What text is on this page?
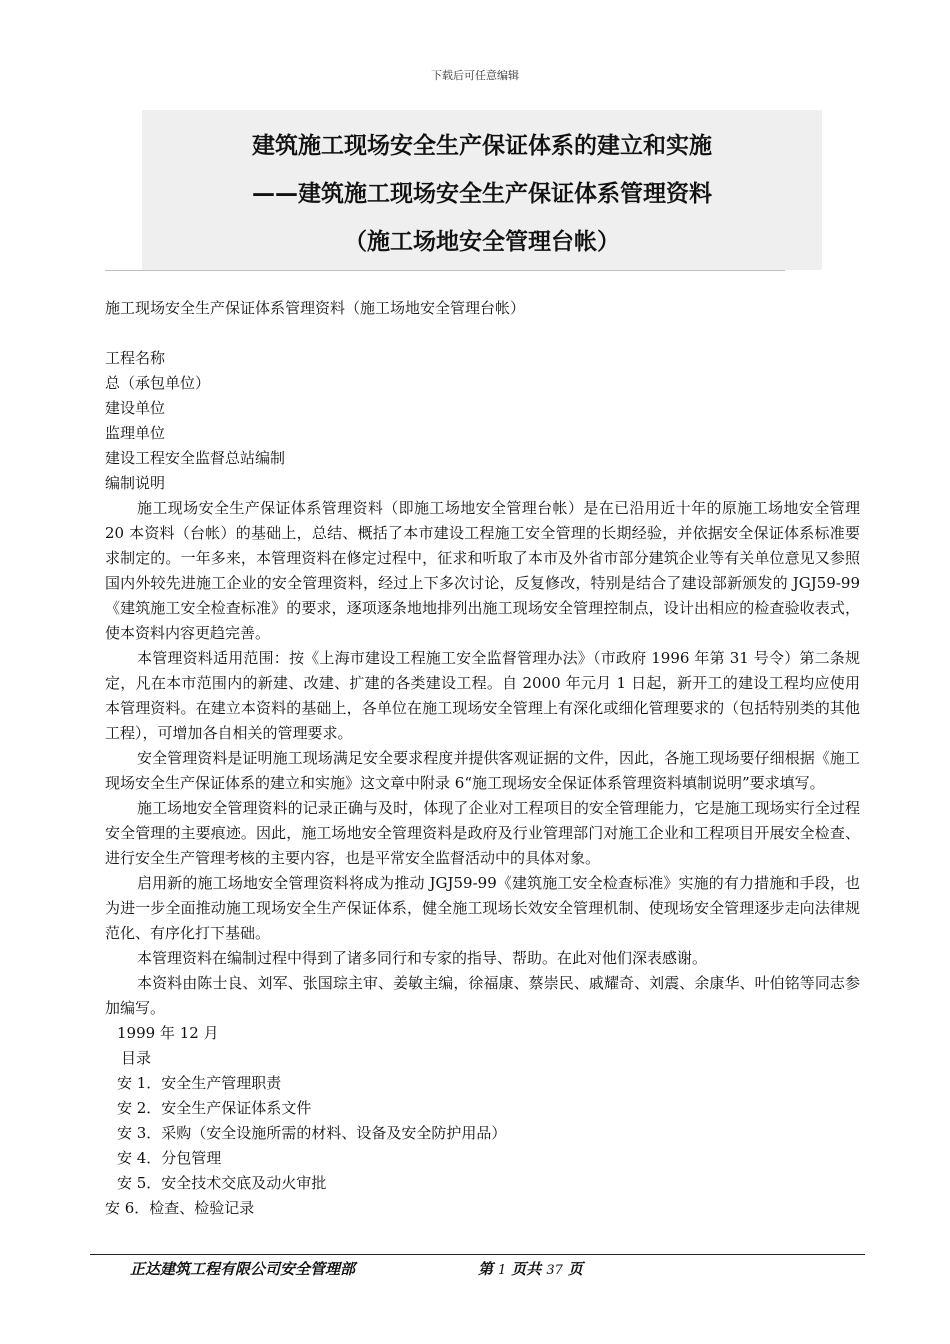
下载后可任意编辑
建筑施工现场安全生产保证体系的建立和实施
——建筑施工现场安全生产保证体系管理资料
（施工场地安全管理台帐）

施工现场安全生产保证体系管理资料（施工场地安全管理台帐）

工程名称

总（承包单位）

建设单位

监理单位

建设工程安全监督总站编制

编制说明

施工现场安全生产保证体系管理资料（即施工场地安全管理台帐）是在已沿用近十年的原施工场地安全管理 20 本资料（台帐）的基础上，总结、概括了本市建设工程施工安全管理的长期经验，并依据安全保证体系标准要求制定的。一年多来，本管理资料在修定过程中，征求和听取了本市及外省市部分建筑企业等有关单位意见又参照国内外较先进施工企业的安全管理资料，经过上下多次讨论，反复修改，特别是结合了建设部新颁发的 JGJ59-99《建筑施工安全检查标准》的要求，逐项逐条地地排列出施工现场安全管理控制点，设计出相应的检查验收表式，使本资料内容更趋完善。

本管理资料适用范围：按《上海市建设工程施工安全监督管理办法》（市政府 1996 年第 31 号令）第二条规定，凡在本市范围内的新建、改建、扩建的各类建设工程。自 2000 年元月 1 日起，新开工的建设工程均应使用本管理资料。在建立本资料的基础上，各单位在施工现场安全管理上有深化或细化管理要求的（包括特别类的其他工程），可增加各自相关的管理要求。

安全管理资料是证明施工现场满足安全要求程度并提供客观证据的文件，因此，各施工现场要仔细根据《施工现场安全生产保证体系的建立和实施》这文章中附录 6“施工现场安全保证体系管理资料填制说明”要求填写。

施工场地安全管理资料的记录正确与及时，体现了企业对工程项目的安全管理能力，它是施工现场实行全过程安全管理的主要痕迹。因此，施工场地安全管理资料是政府及行业管理部门对施工企业和工程项目开展安全检查、进行安全生产管理考核的主要内容，也是平常安全监督活动中的具体对象。

启用新的施工场地安全管理资料将成为推动 JGJ59-99《建筑施工安全检查标准》实施的有力措施和手段，也为进一步全面推动施工现场安全生产保证体系，健全施工现场长效安全管理机制、使现场安全管理逐步走向法律规范化、有序化打下基础。

本管理资料在编制过程中得到了诸多同行和专家的指导、帮助。在此对他们深表感谢。

本资料由陈士良、刘军、张国琮主审、姜敏主编，徐福康、蔡崇民、戚耀奇、刘震、余康华、叶伯铭等同志参加编写。

1999 年 12 月

目录

安 1．安全生产管理职责

安 2．安全生产保证体系文件

安 3．采购（安全设施所需的材料、设备及安全防护用品）

安 4．分包管理

安 5．安全技术交底及动火审批

安 6．检查、检验记录

正达建筑工程有限公司安全管理部	第 1 页共 37 页
